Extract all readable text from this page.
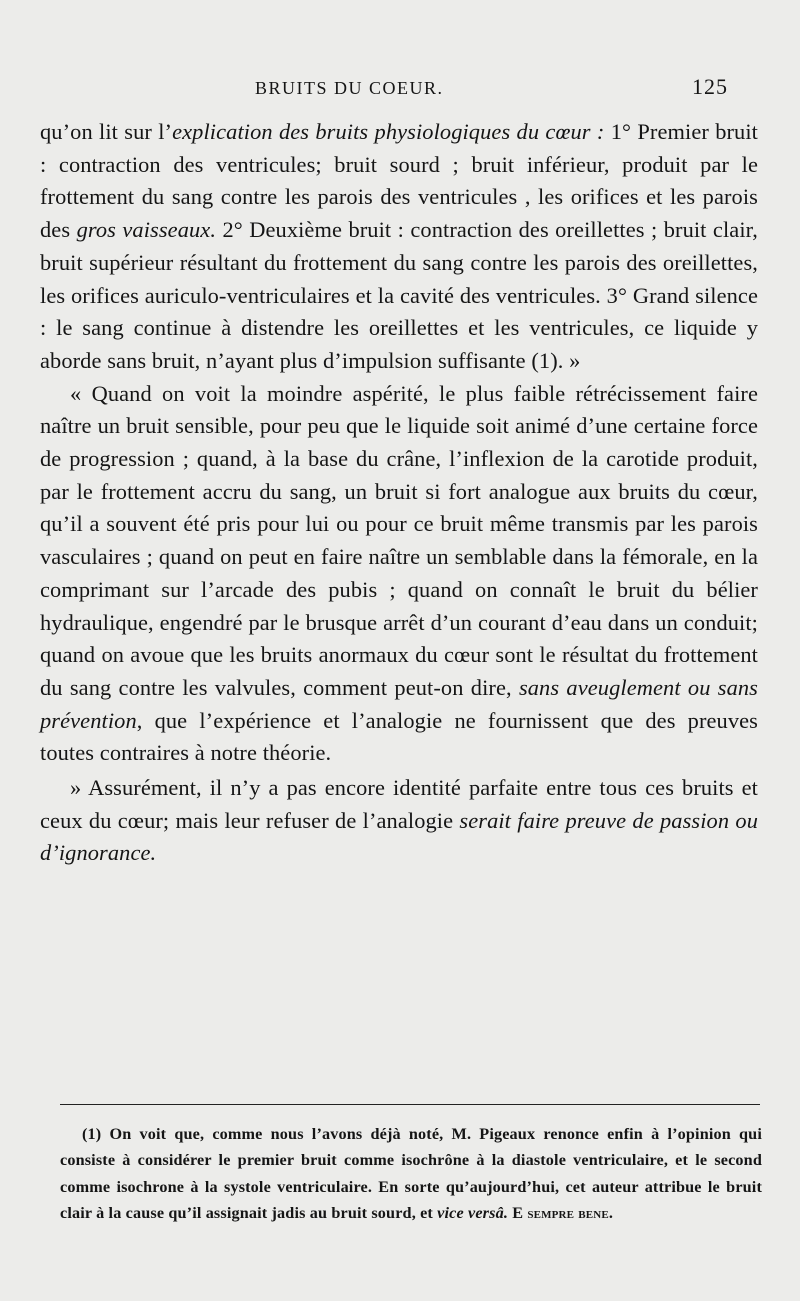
BRUITS DU COEUR.	125

qu’on lit sur l’explication des bruits physiologiques du cœur : 1° Premier bruit : contraction des ventricules; bruit sourd ; bruit inférieur, produit par le frottement du sang contre les parois des ventricules , les orifices et les parois des gros vaisseaux. 2° Deuxième bruit : contraction des oreillettes ; bruit clair, bruit supérieur résultant du frottement du sang contre les parois des oreillettes, les orifices auriculo-ventriculaires et la cavité des ventricules. 3° Grand silence : le sang continue à distendre les oreillettes et les ventricules, ce liquide y aborde sans bruit, n’ayant plus d’impulsion suffisante (1). »

« Quand on voit la moindre aspérité, le plus faible rétrécissement faire naître un bruit sensible, pour peu que le liquide soit animé d’une certaine force de progression ; quand, à la base du crâne, l’inflexion de la carotide produit, par le frottement accru du sang, un bruit si fort analogue aux bruits du cœur, qu’il a souvent été pris pour lui ou pour ce bruit même transmis par les parois vasculaires ; quand on peut en faire naître un semblable dans la fémorale, en la comprimant sur l’arcade des pubis ; quand on connaît le bruit du bélier hydraulique, engendré par le brusque arrêt d’un courant d’eau dans un conduit; quand on avoue que les bruits anormaux du cœur sont le résultat du frottement du sang contre les valvules, comment peut-on dire, sans aveuglement ou sans prévention, que l’expérience et l’analogie ne fournissent que des preuves toutes contraires à notre théorie.

» Assurément, il n’y a pas encore identité parfaite entre tous ces bruits et ceux du cœur; mais leur refuser de l’analogie serait faire preuve de passion ou d’ignorance.

(1) On voit que, comme nous l’avons déjà noté, M. Pigeaux renonce enfin à l’opinion qui consiste à considérer le premier bruit comme isochrône à la diastole ventriculaire, et le second comme isochrone à la systole ventriculaire. En sorte qu’aujourd’hui, cet auteur attribue le bruit clair à la cause qu’il assignait jadis au bruit sourd, et vice versâ. E sempre bene.
